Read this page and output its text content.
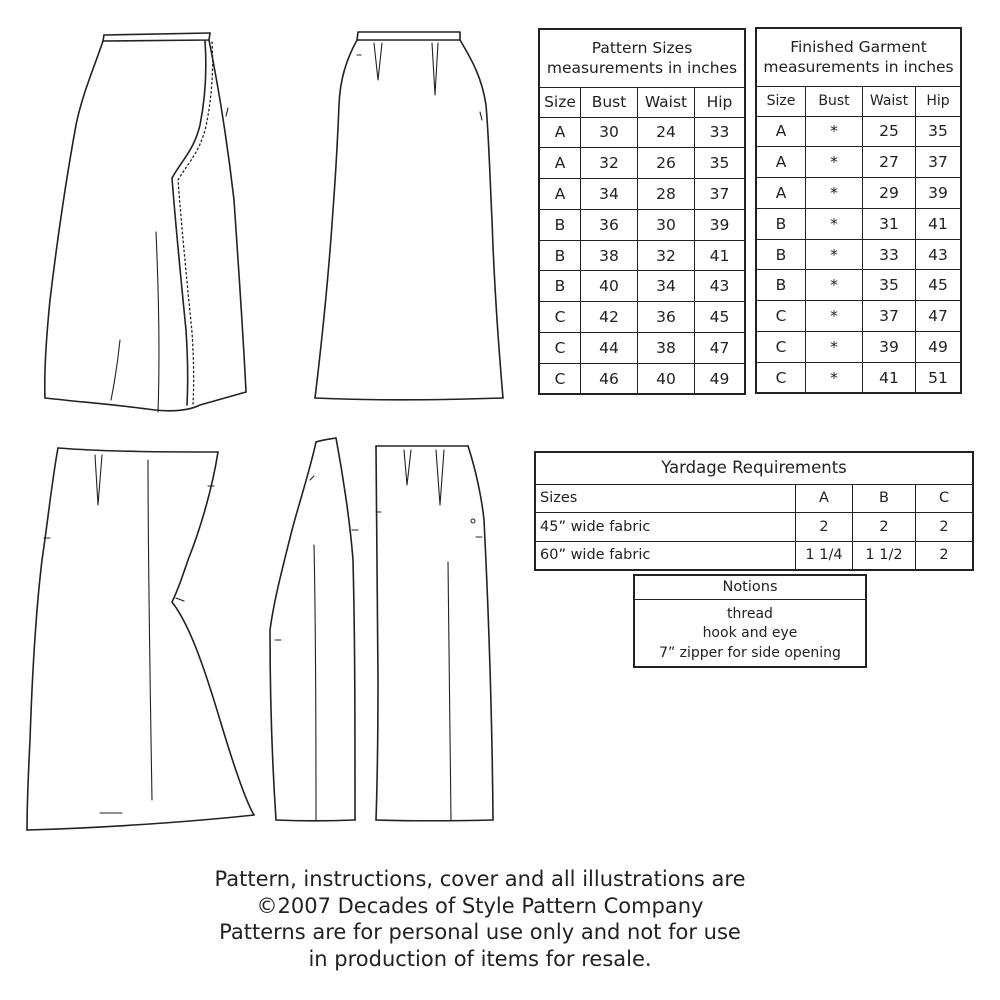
Pattern Sizes
measurements in inches			

Size	Bust	Waist	Hip
A	30	24	33
A	32	26	35
A	34	28	37
B	36	30	39
B	38	32	41
B	40	34	43
C	42	36	45
C	44	38	47
C	46	40	49
Finished Garment
measurements in inches			

Size	Bust	Waist	Hip
A	*	25	35
A	*	27	37
A	*	29	39
B	*	31	41
B	*	33	43
B	*	35	45
C	*	37	47
C	*	39	49
C	*	41	51
Yardage Requirements			
Sizes	A	B	C
45” wide fabric	2	2	2
60” wide fabric	1 1/4	1 1/2	2
Notions

thread
hook and eye
7” zipper for side opening
Pattern, instructions, cover and all illustrations are
©2007 Decades of Style Pattern Company
Patterns are for personal use only and not for use
in production of items for resale.
